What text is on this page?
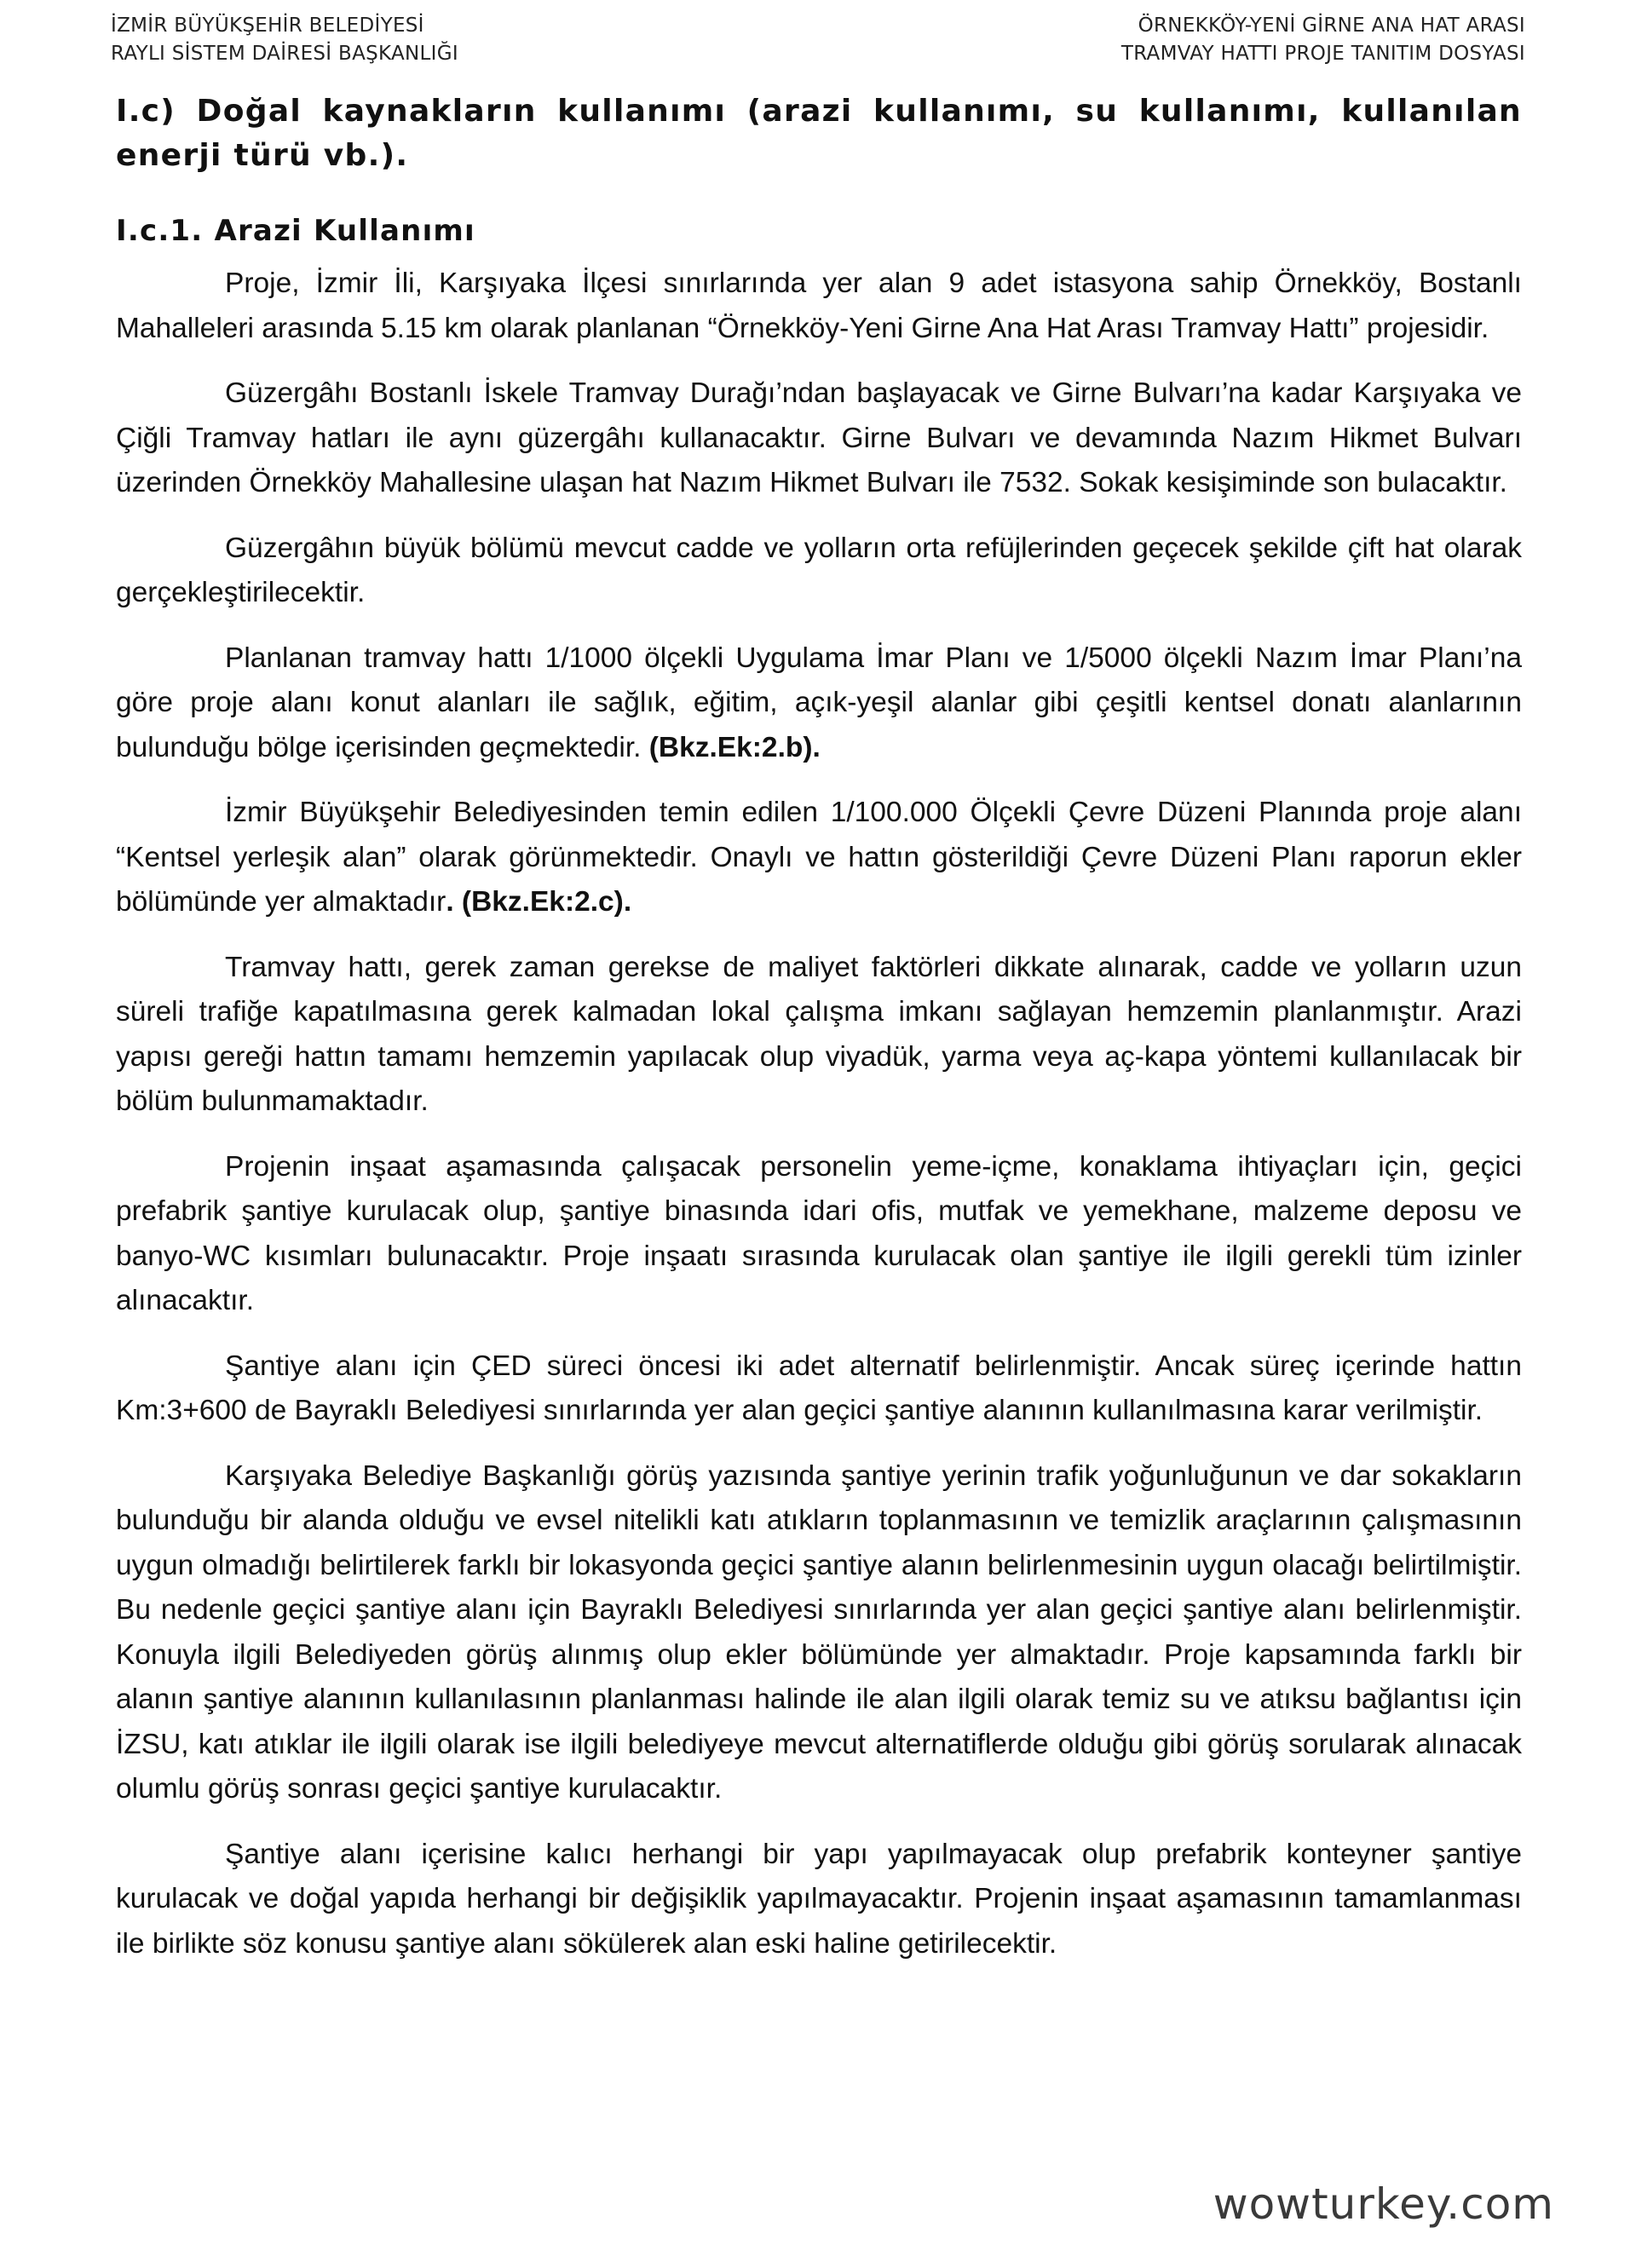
İZMİR BÜYÜKŞEHİR BELEDİYESİ
RAYLI SİSTEM DAİRESİ BAŞKANLIĞI
ÖRNEKKÖY-YENİ GİRNE ANA HAT ARASI
TRAMVAY HATTI PROJE TANITIM DOSYASI
I.c) Doğal kaynakların kullanımı (arazi kullanımı, su kullanımı, kullanılan enerji türü vb.).
I.c.1. Arazi Kullanımı

Proje, İzmir İli, Karşıyaka İlçesi sınırlarında yer alan 9 adet istasyona sahip Örnekköy, Bostanlı Mahalleleri arasında 5.15 km olarak planlanan “Örnekköy-Yeni Girne Ana Hat Arası Tramvay Hattı” projesidir.

Güzergâhı Bostanlı İskele Tramvay Durağı’ndan başlayacak ve Girne Bulvarı’na kadar Karşıyaka ve Çiğli Tramvay hatları ile aynı güzergâhı kullanacaktır. Girne Bulvarı ve devamında Nazım Hikmet Bulvarı üzerinden Örnekköy Mahallesine ulaşan hat Nazım Hikmet Bulvarı ile 7532. Sokak kesişiminde son bulacaktır.

Güzergâhın büyük bölümü mevcut cadde ve yolların orta refüjlerinden geçecek şekilde çift hat olarak gerçekleştirilecektir.

Planlanan tramvay hattı 1/1000 ölçekli Uygulama İmar Planı ve 1/5000 ölçekli Nazım İmar Planı’na göre proje alanı konut alanları ile sağlık, eğitim, açık-yeşil alanlar gibi çeşitli kentsel donatı alanlarının bulunduğu bölge içerisinden geçmektedir. (Bkz.Ek:2.b).

İzmir Büyükşehir Belediyesinden temin edilen 1/100.000 Ölçekli Çevre Düzeni Planında proje alanı “Kentsel yerleşik alan” olarak görünmektedir. Onaylı ve hattın gösterildiği Çevre Düzeni Planı raporun ekler bölümünde yer almaktadır. (Bkz.Ek:2.c).

Tramvay hattı, gerek zaman gerekse de maliyet faktörleri dikkate alınarak, cadde ve yolların uzun süreli trafiğe kapatılmasına gerek kalmadan lokal çalışma imkanı sağlayan hemzemin planlanmıştır. Arazi yapısı gereği hattın tamamı hemzemin yapılacak olup viyadük, yarma veya aç-kapa yöntemi kullanılacak bir bölüm bulunmamaktadır.

Projenin inşaat aşamasında çalışacak personelin yeme-içme, konaklama ihtiyaçları için, geçici prefabrik şantiye kurulacak olup, şantiye binasında idari ofis, mutfak ve yemekhane, malzeme deposu ve banyo-WC kısımları bulunacaktır. Proje inşaatı sırasında kurulacak olan şantiye ile ilgili gerekli tüm izinler alınacaktır.

Şantiye alanı için ÇED süreci öncesi iki adet alternatif belirlenmiştir. Ancak süreç içerinde hattın Km:3+600 de Bayraklı Belediyesi sınırlarında yer alan geçici şantiye alanının kullanılmasına karar verilmiştir.

Karşıyaka Belediye Başkanlığı görüş yazısında şantiye yerinin trafik yoğunluğunun ve dar sokakların bulunduğu bir alanda olduğu ve evsel nitelikli katı atıkların toplanmasının ve temizlik araçlarının çalışmasının uygun olmadığı belirtilerek farklı bir lokasyonda geçici şantiye alanın belirlenmesinin uygun olacağı belirtilmiştir. Bu nedenle geçici şantiye alanı için Bayraklı Belediyesi sınırlarında yer alan geçici şantiye alanı belirlenmiştir. Konuyla ilgili Belediyeden görüş alınmış olup ekler bölümünde yer almaktadır. Proje kapsamında farklı bir alanın şantiye alanının kullanılasının planlanması halinde ile alan ilgili olarak temiz su ve atıksu bağlantısı için İZSU, katı atıklar ile ilgili olarak ise ilgili belediyeye mevcut alternatiflerde olduğu gibi görüş sorularak alınacak olumlu görüş sonrası geçici şantiye kurulacaktır.

Şantiye alanı içerisine kalıcı herhangi bir yapı yapılmayacak olup prefabrik konteyner şantiye kurulacak ve doğal yapıda herhangi bir değişiklik yapılmayacaktır. Projenin inşaat aşamasının tamamlanması ile birlikte söz konusu şantiye alanı sökülerek alan eski haline getirilecektir.

wowturkey.com
